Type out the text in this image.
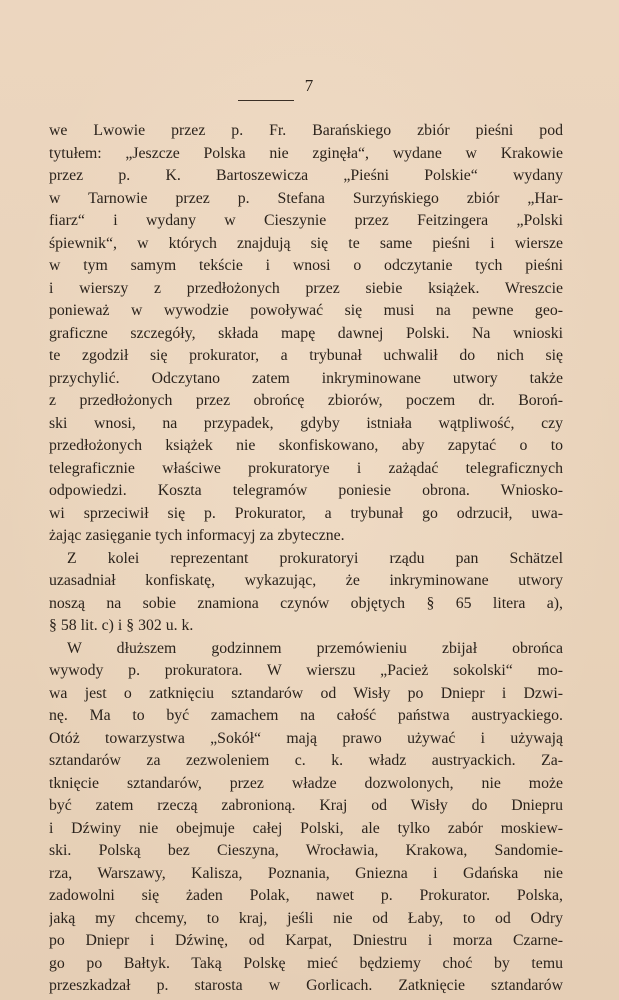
7
we Lwowie przez p. Fr. Barańskiego zbiór pieśni pod
tytułem: „Jeszcze Polska nie zginęła“, wydane w Krakowie
przez p. K. Bartoszewicza „Pieśni Polskie“ wydany
w Tarnowie przez p. Stefana Surzyńskiego zbiór „Har-
fiarz“ i wydany w Cieszynie przez Feitzingera „Polski
śpiewnik“, w których znajdują się te same pieśni i wiersze
w tym samym tekście i wnosi o odczytanie tych pieśni
i wierszy z przedłożonych przez siebie książek. Wreszcie
ponieważ w wywodzie powoływać się musi na pewne geo-
graficzne szczegóły, składa mapę dawnej Polski. Na wnioski
te zgodził się prokurator, a trybunał uchwalił do nich się
przychylić. Odczytano zatem inkryminowane utwory także
z przedłożonych przez obrońcę zbiorów, poczem dr. Boroń-
ski wnosi, na przypadek, gdyby istniała wątpliwość, czy
przedłożonych książek nie skonfiskowano, aby zapytać o to
telegraficznie właściwe prokuratorye i zażądać telegraficznych
odpowiedzi. Koszta telegramów poniesie obrona. Wniosko-
wi sprzeciwił się p. Prokurator, a trybunał go odrzucił, uwa-
żając zasięganie tych informacyj za zbyteczne.
Z kolei reprezentant prokuratoryi rządu pan Schätzel
uzasadniał konfiskatę, wykazując, że inkryminowane utwory
noszą na sobie znamiona czynów objętych § 65 litera a),
§ 58 lit. c) i § 302 u. k.
W dłuższem godzinnem przemówieniu zbijał obrońca
wywody p. prokuratora. W wierszu „Pacież sokolski“ mo-
wa jest o zatknięciu sztandarów od Wisły po Dniepr i Dzwi-
nę. Ma to być zamachem na całość państwa austryackiego.
Otóż towarzystwa „Sokół“ mają prawo używać i używają
sztandarów za zezwoleniem c. k. władz austryackich. Za-
tknięcie sztandarów, przez władze dozwolonych, nie może
być zatem rzeczą zabronioną. Kraj od Wisły do Dniepru
i Dźwiny nie obejmuje całej Polski, ale tylko zabór moskiew-
ski. Polską bez Cieszyna, Wrocławia, Krakowa, Sandomie-
rza, Warszawy, Kalisza, Poznania, Gniezna i Gdańska nie
zadowolni się żaden Polak, nawet p. Prokurator. Polska,
jaką my chcemy, to kraj, jeśli nie od Łaby, to od Odry
po Dniepr i Dźwinę, od Karpat, Dniestru i morza Czarne-
go po Bałtyk. Taką Polskę mieć będziemy choć by temu
przeszkadzał p. starosta w Gorlicach. Zatknięcie sztandarów
